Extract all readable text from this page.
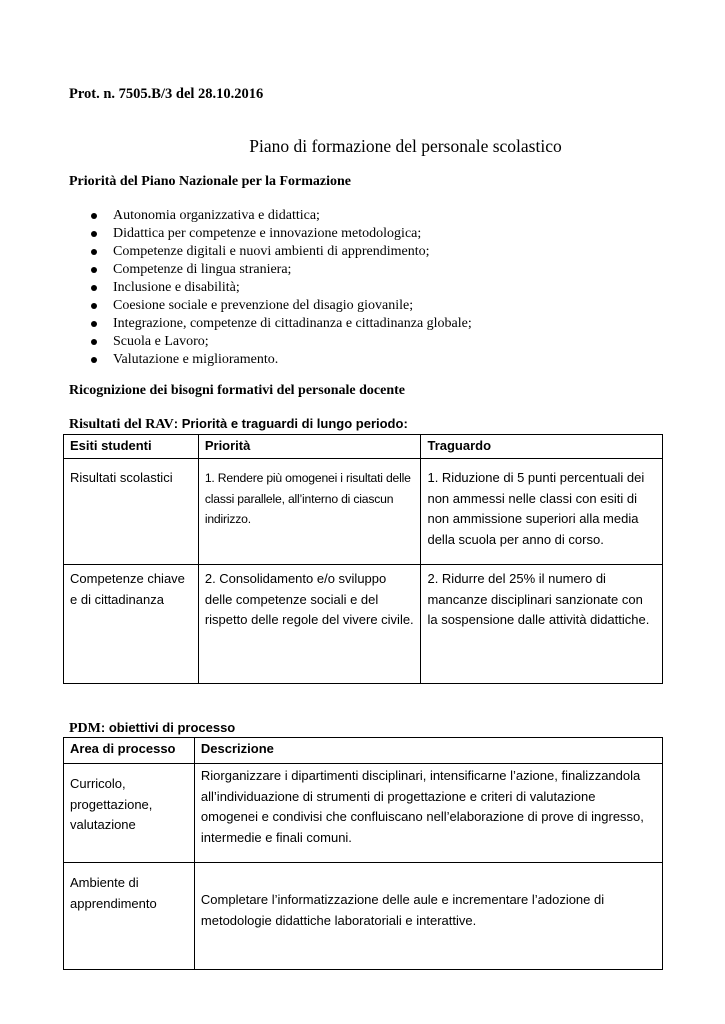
Prot. n. 7505.B/3 del 28.10.2016
Piano di formazione del personale scolastico
Priorità del Piano Nazionale per la Formazione
Autonomia organizzativa e didattica;
Didattica per competenze e innovazione metodologica;
Competenze digitali e nuovi ambienti di apprendimento;
Competenze di lingua straniera;
Inclusione e disabilità;
Coesione sociale e prevenzione del disagio giovanile;
Integrazione, competenze di cittadinanza e cittadinanza globale;
Scuola e Lavoro;
Valutazione e miglioramento.
Ricognizione dei bisogni formativi del personale docente
Risultati del RAV: Priorità e traguardi di lungo periodo:
Esiti studenti	Priorità	Traguardo
Risultati scolastici	1. Rendere più omogenei i risultati delle classi parallele, all’interno di ciascun indirizzo.	1. Riduzione di 5 punti percentuali dei non ammessi nelle classi con esiti di non ammissione superiori alla media della scuola per anno di corso.
Competenze chiave e di cittadinanza	2. Consolidamento e/o sviluppo delle competenze sociali e del rispetto delle regole del vivere civile.	2. Ridurre del 25% il numero di mancanze disciplinari sanzionate con la sospensione dalle attività didattiche.
PDM: obiettivi di processo
Area di processo	Descrizione
Curricolo, progettazione, valutazione	Riorganizzare i dipartimenti disciplinari, intensificarne l’azione, finalizzandola all’individuazione di strumenti di progettazione e criteri di valutazione omogenei e condivisi che confluiscano nell’elaborazione di prove di ingresso, intermedie e finali comuni.
Ambiente di apprendimento	Completare l’informatizzazione delle aule e incrementare l’adozione di metodologie didattiche laboratoriali e interattive.
